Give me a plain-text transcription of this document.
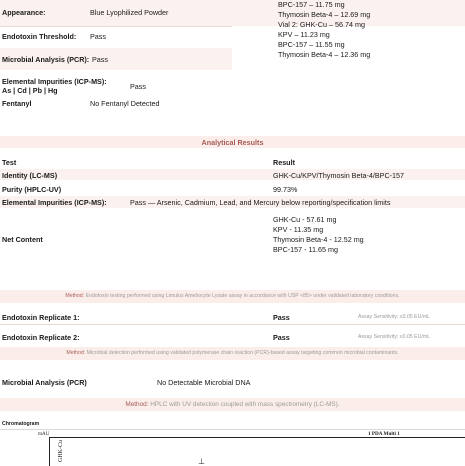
Appearance:	Blue Lyophilized Powder
Endotoxin Threshold: Pass
Microbial Analysis (PCR): Pass
Elemental Impurities (ICP-MS):
As | Cd | Pb | Hg	Pass
Fentanyl	No Fentanyl Detected
BPC-157 – 11.75 mg
Thymosin Beta-4 – 12.69 mg
Vial 2: GHK-Cu – 56.74 mg
KPV – 11.23 mg
BPC-157 – 11.55 mg
Thymosin Beta-4 – 12.36 mg
Analytical Results
Test	Result
Identity (LC-MS)	GHK-Cu/KPV/Thymosin Beta-4/BPC-157
Purity (HPLC-UV)	99.73%
Elemental Impurities (ICP-MS):	Pass — Arsenic, Cadmium, Lead, and Mercury below reporting/specification limits
Net Content
GHK-Cu - 57.61 mg
KPV - 11.35 mg
Thymosin Beta-4 - 12.52 mg
BPC-157 - 11.65 mg
Method: Endotoxin testing performed using Limulus Amebocyte Lysate assay in accordance with USP <85> under validated laboratory conditions.
Endotoxin Replicate 1:	Pass	Assay Sensitivity: ≤0.05 EU/mL
Endotoxin Replicate 2:	Pass	Assay Sensitivity: ≤0.05 EU/mL
Method: Microbial detection performed using validated polymerase chain reaction (PCR)-based assay targeting common microbial contaminants.
Microbial Analysis (PCR)	No Detectable Microbial DNA
Method: HPLC with UV detection coupled with mass spectrometry (LC-MS).
Chromatogram
mAU
GHK-Cu	⊥
1 PDA Multi 1
